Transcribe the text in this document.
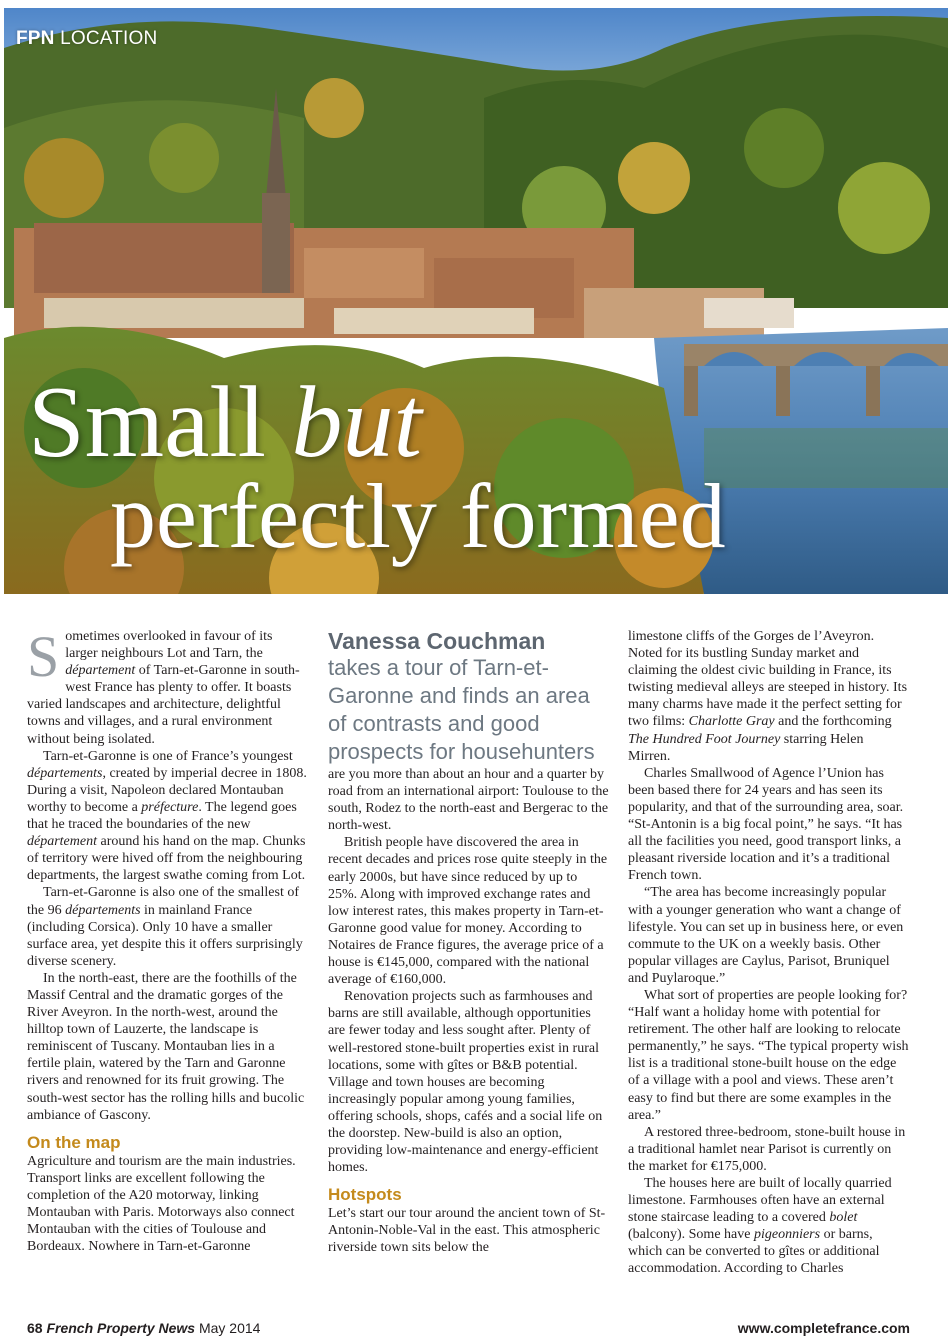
FPN LOCATION
Small but
perfectly formed

Sometimes overlooked in favour of its larger neighbours Lot and Tarn, the département of Tarn-et-Garonne in south-west France has plenty to offer. It boasts varied landscapes and architecture, delightful towns and villages, and a rural environment without being isolated.

Tarn-et-Garonne is one of France’s youngest départements, created by imperial decree in 1808. During a visit, Napoleon declared Montauban worthy to become a préfecture. The legend goes that he traced the boundaries of the new département around his hand on the map. Chunks of territory were hived off from the neighbouring departments, the largest swathe coming from Lot.

Tarn-et-Garonne is also one of the smallest of the 96 départements in mainland France (including Corsica). Only 10 have a smaller surface area, yet despite this it offers surprisingly diverse scenery.

In the north-east, there are the foothills of the Massif Central and the dramatic gorges of the River Aveyron. In the north-west, around the hilltop town of Lauzerte, the landscape is reminiscent of Tuscany. Montauban lies in a fertile plain, watered by the Tarn and Garonne rivers and renowned for its fruit growing. The south-west sector has the rolling hills and bucolic ambiance of Gascony.

On the map

Agriculture and tourism are the main industries. Transport links are excellent following the completion of the A20 motorway, linking Montauban with Paris. Motorways also connect Montauban with the cities of Toulouse and Bordeaux. Nowhere in Tarn-et-Garonne

Vanessa Couchman

takes a tour of Tarn-et-Garonne and finds an area of contrasts and good prospects for househunters

are you more than about an hour and a quarter by road from an international airport: Toulouse to the south, Rodez to the north-east and Bergerac to the north-west.

British people have discovered the area in recent decades and prices rose quite steeply in the early 2000s, but have since reduced by up to 25%. Along with improved exchange rates and low interest rates, this makes property in Tarn-et-Garonne good value for money. According to Notaires de France figures, the average price of a house is €145,000, compared with the national average of €160,000.

Renovation projects such as farmhouses and barns are still available, although opportunities are fewer today and less sought after. Plenty of well-restored stone-built properties exist in rural locations, some with gîtes or B&B potential. Village and town houses are becoming increasingly popular among young families, offering schools, shops, cafés and a social life on the doorstep. New-build is also an option, providing low-maintenance and energy-efficient homes.

Hotspots

Let’s start our tour around the ancient town of St-Antonin-Noble-Val in the east. This atmospheric riverside town sits below the

limestone cliffs of the Gorges de l’Aveyron. Noted for its bustling Sunday market and claiming the oldest civic building in France, its twisting medieval alleys are steeped in history. Its many charms have made it the perfect setting for two films: Charlotte Gray and the forthcoming The Hundred Foot Journey starring Helen Mirren.

Charles Smallwood of Agence l’Union has been based there for 24 years and has seen its popularity, and that of the surrounding area, soar. “St-Antonin is a big focal point,” he says. “It has all the facilities you need, good transport links, a pleasant riverside location and it’s a traditional French town.

“The area has become increasingly popular with a younger generation who want a change of lifestyle. You can set up in business here, or even commute to the UK on a weekly basis. Other popular villages are Caylus, Parisot, Bruniquel and Puylaroque.”

What sort of properties are people looking for? “Half want a holiday home with potential for retirement. The other half are looking to relocate permanently,” he says. “The typical property wish list is a traditional stone-built house on the edge of a village with a pool and views. These aren’t easy to find but there are some examples in the area.”

A restored three-bedroom, stone-built house in a traditional hamlet near Parisot is currently on the market for €175,000.

The houses here are built of locally quarried limestone. Farmhouses often have an external stone staircase leading to a covered bolet (balcony). Some have pigeonniers or barns, which can be converted to gîtes or additional accommodation. According to Charles

68 French Property News May 2014	www.completefrance.com
